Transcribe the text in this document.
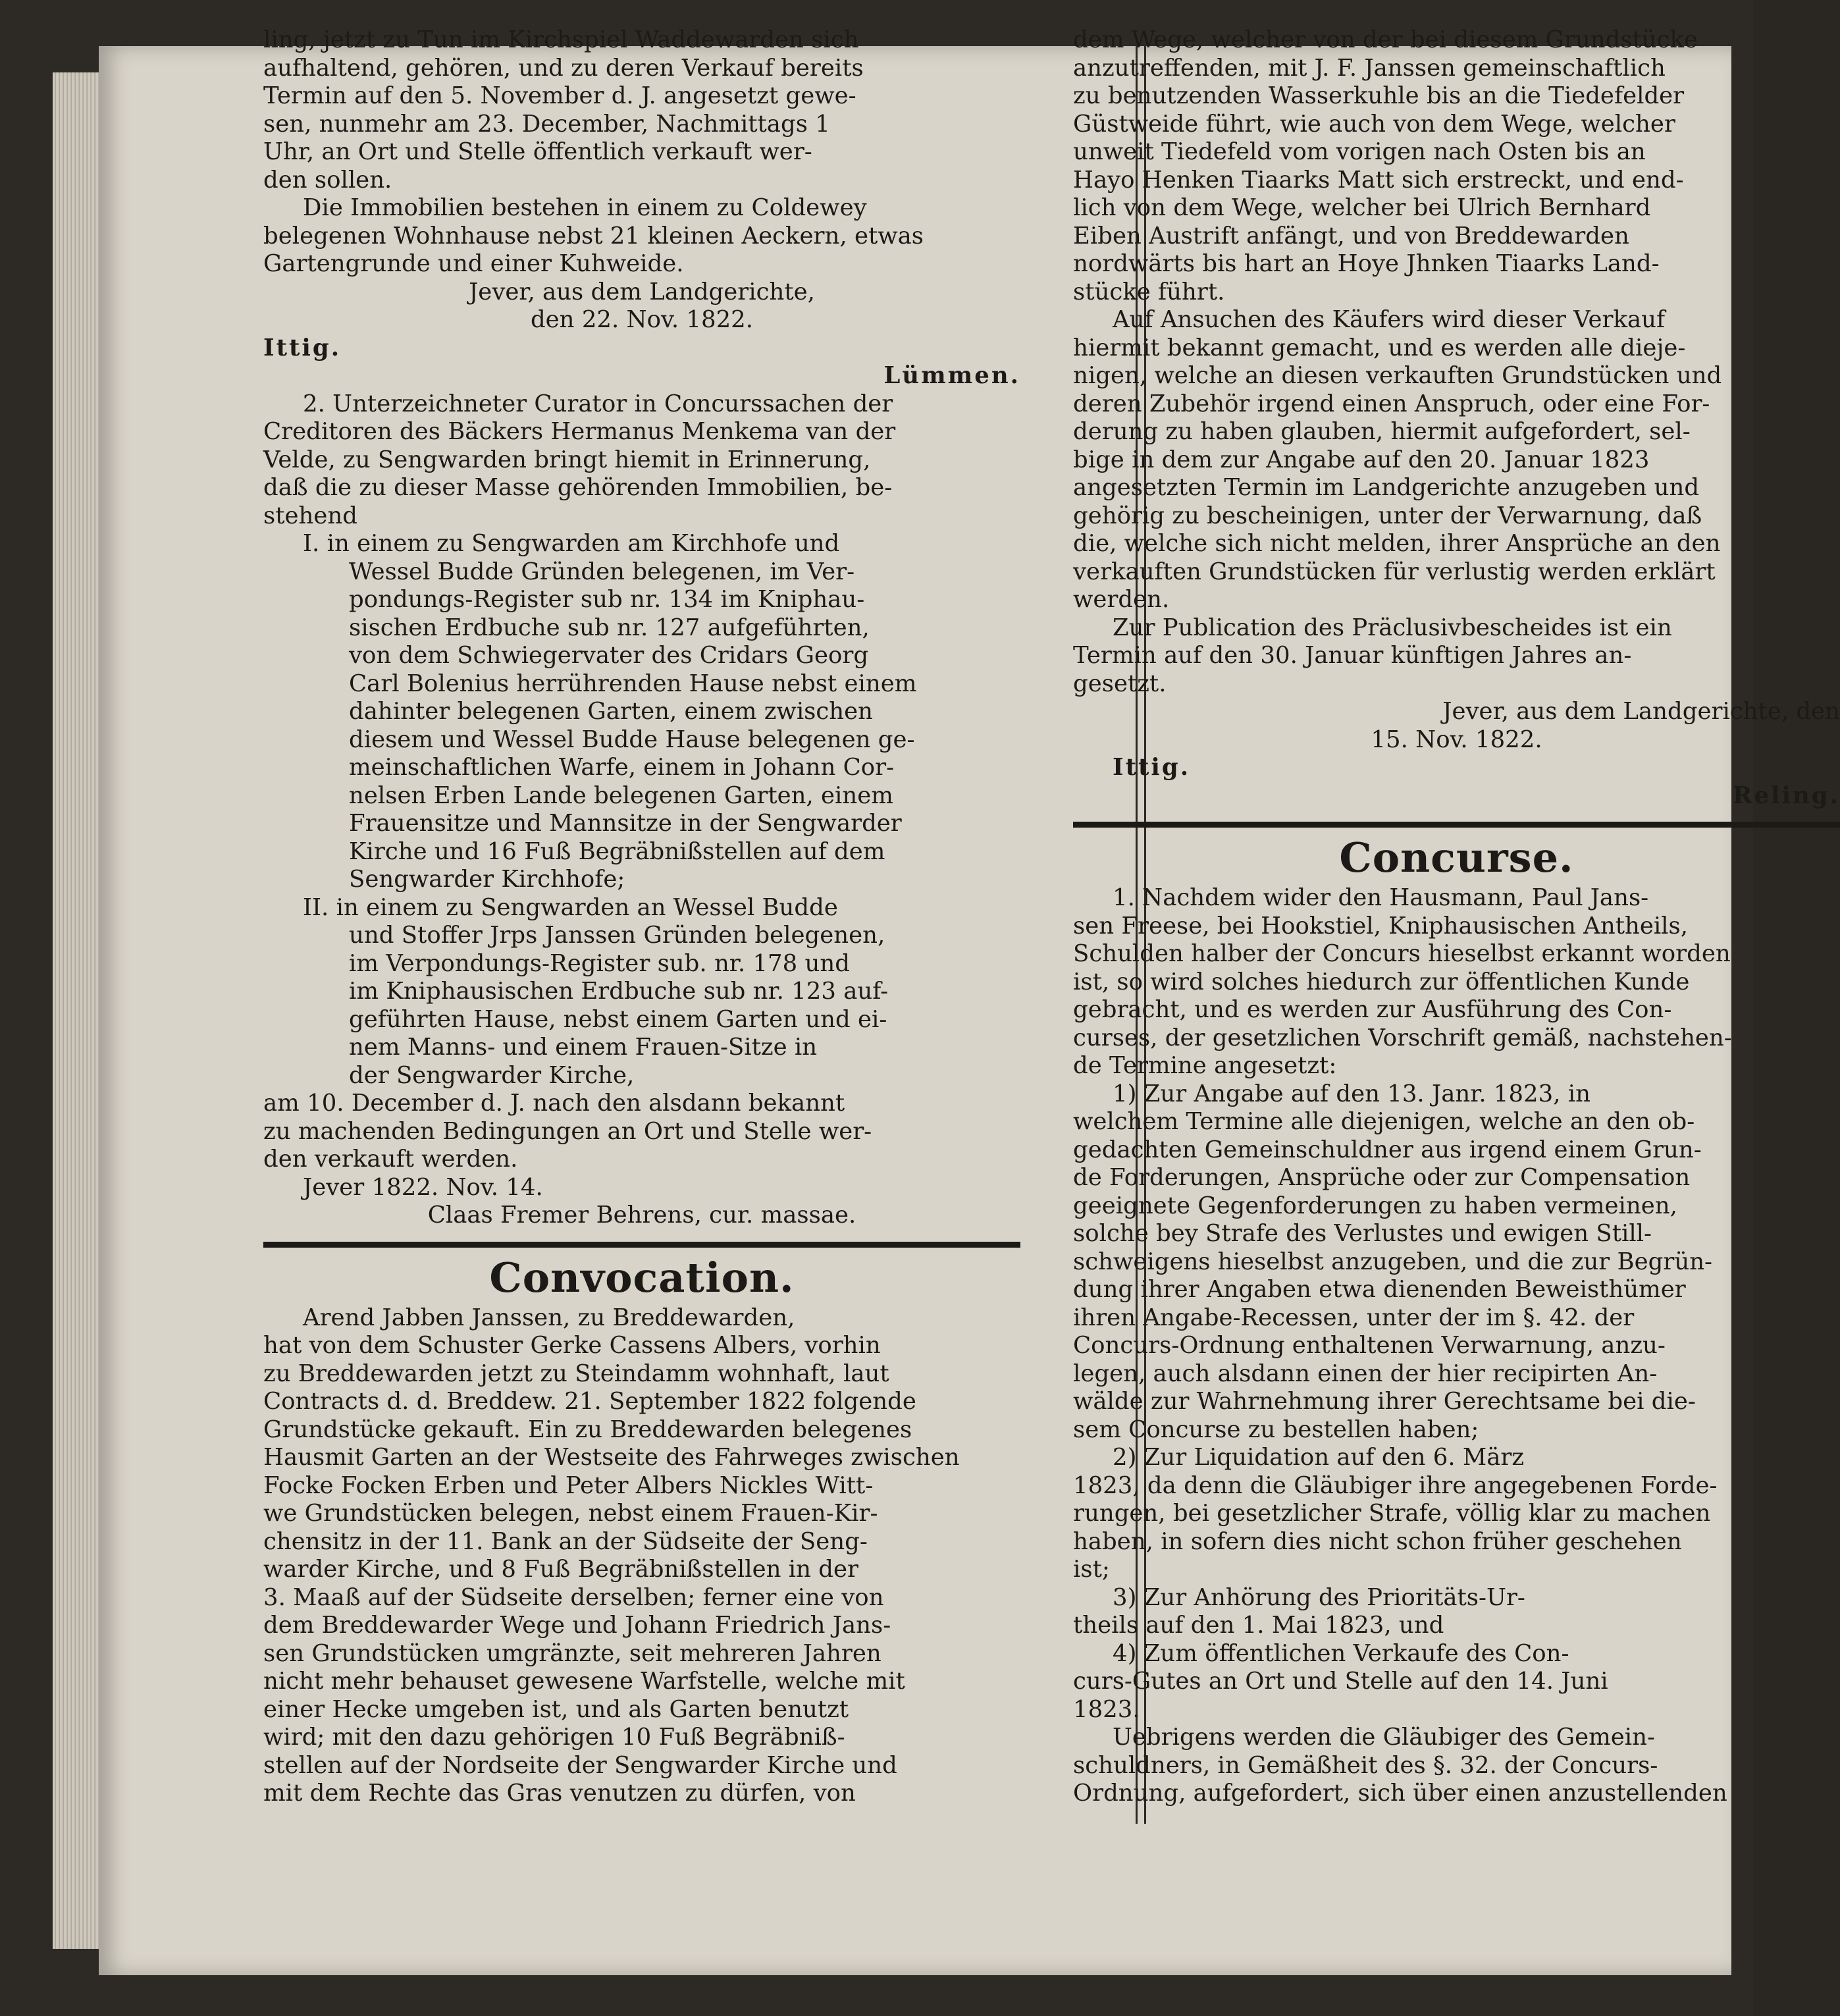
ling, jetzt zu Tun im Kirchspiel Waddewarden sich
aufhaltend, gehören, und zu deren Verkauf bereits
Termin auf den 5. November d. J. angesetzt gewe-
sen, nunmehr am 23. December, Nachmittags 1
Uhr, an Ort und Stelle öffentlich verkauft wer-
den sollen.
Die Immobilien bestehen in einem zu Coldewey
belegenen Wohnhause nebst 21 kleinen Aeckern, etwas
Gartengrunde und einer Kuhweide.
Jever, aus dem Landgerichte,
den 22. Nov. 1822.
Ittig.
Lümmen.
2. Unterzeichneter Curator in Concurssachen der
Creditoren des Bäckers Hermanus Menkema van der
Velde, zu Sengwarden bringt hiemit in Erinnerung,
daß die zu dieser Masse gehörenden Immobilien, be-
stehend
I. in einem zu Sengwarden am Kirchhofe und
Wessel Budde Gründen belegenen, im Ver-
pondungs-Register sub nr. 134 im Kniphau-
sischen Erdbuche sub nr. 127 aufgeführten,
von dem Schwiegervater des Cridars Georg
Carl Bolenius herrührenden Hause nebst einem
dahinter belegenen Garten, einem zwischen
diesem und Wessel Budde Hause belegenen ge-
meinschaftlichen Warfe, einem in Johann Cor-
nelsen Erben Lande belegenen Garten, einem
Frauensitze und Mannsitze in der Sengwarder
Kirche und 16 Fuß Begräbnißstellen auf dem
Sengwarder Kirchhofe;
II. in einem zu Sengwarden an Wessel Budde
und Stoffer Jrps Janssen Gründen belegenen,
im Verpondungs-Register sub. nr. 178 und
im Kniphausischen Erdbuche sub nr. 123 auf-
geführten Hause, nebst einem Garten und ei-
nem Manns- und einem Frauen-Sitze in
der Sengwarder Kirche,
am 10. December d. J. nach den alsdann bekannt
zu machenden Bedingungen an Ort und Stelle wer-
den verkauft werden.
Jever 1822. Nov. 14.
Claas Fremer Behrens, cur. massae.
Convocation.
Arend Jabben Janssen, zu Breddewarden,
hat von dem Schuster Gerke Cassens Albers, vorhin
zu Breddewarden jetzt zu Steindamm wohnhaft, laut
Contracts d. d. Breddew. 21. September 1822 folgende
Grundstücke gekauft. Ein zu Breddewarden belegenes
Hausmit Garten an der Westseite des Fahrweges zwischen
Focke Focken Erben und Peter Albers Nickles Witt-
we Grundstücken belegen, nebst einem Frauen-Kir-
chensitz in der 11. Bank an der Südseite der Seng-
warder Kirche, und 8 Fuß Begräbnißstellen in der
3. Maaß auf der Südseite derselben; ferner eine von
dem Breddewarder Wege und Johann Friedrich Jans-
sen Grundstücken umgränzte, seit mehreren Jahren
nicht mehr behauset gewesene Warfstelle, welche mit
einer Hecke umgeben ist, und als Garten benutzt
wird; mit den dazu gehörigen 10 Fuß Begräbniß-
stellen auf der Nordseite der Sengwarder Kirche und
mit dem Rechte das Gras venutzen zu dürfen, von
dem Wege, welcher von der bei diesem Grundstücke
anzutreffenden, mit J. F. Janssen gemeinschaftlich
zu benutzenden Wasserkuhle bis an die Tiedefelder
Güstweide führt, wie auch von dem Wege, welcher
unweit Tiedefeld vom vorigen nach Osten bis an
Hayo Henken Tiaarks Matt sich erstreckt, und end-
lich von dem Wege, welcher bei Ulrich Bernhard
Eiben Austrift anfängt, und von Breddewarden
nordwärts bis hart an Hoye Jhnken Tiaarks Land-
stücke führt.
Auf Ansuchen des Käufers wird dieser Verkauf
hiermit bekannt gemacht, und es werden alle dieje-
nigen, welche an diesen verkauften Grundstücken und
deren Zubehör irgend einen Anspruch, oder eine For-
derung zu haben glauben, hiermit aufgefordert, sel-
bige in dem zur Angabe auf den 20. Januar 1823
angesetzten Termin im Landgerichte anzugeben und
gehörig zu bescheinigen, unter der Verwarnung, daß
die, welche sich nicht melden, ihrer Ansprüche an den
verkauften Grundstücken für verlustig werden erklärt
werden.
Zur Publication des Präclusivbescheides ist ein
Termin auf den 30. Januar künftigen Jahres an-
gesetzt.
Jever, aus dem Landgerichte, den
15. Nov. 1822.
Ittig.
Reling.
Concurse.
1. Nachdem wider den Hausmann, Paul Jans-
sen Freese, bei Hookstiel, Kniphausischen Antheils,
Schulden halber der Concurs hieselbst erkannt worden
ist, so wird solches hiedurch zur öffentlichen Kunde
gebracht, und es werden zur Ausführung des Con-
curses, der gesetzlichen Vorschrift gemäß, nachstehen-
de Termine angesetzt:
1) Zur Angabe auf den 13. Janr. 1823, in
welchem Termine alle diejenigen, welche an den ob-
gedachten Gemeinschuldner aus irgend einem Grun-
de Forderungen, Ansprüche oder zur Compensation
geeignete Gegenforderungen zu haben vermeinen,
solche bey Strafe des Verlustes und ewigen Still-
schweigens hieselbst anzugeben, und die zur Begrün-
dung ihrer Angaben etwa dienenden Beweisthümer
ihren Angabe-Recessen, unter der im §. 42. der
Concurs-Ordnung enthaltenen Verwarnung, anzu-
legen, auch alsdann einen der hier recipirten An-
wälde zur Wahrnehmung ihrer Gerechtsame bei die-
sem Concurse zu bestellen haben;
2) Zur Liquidation auf den 6. März
1823, da denn die Gläubiger ihre angegebenen Forde-
rungen, bei gesetzlicher Strafe, völlig klar zu machen
haben, in sofern dies nicht schon früher geschehen
ist;
3) Zur Anhörung des Prioritäts-Ur-
theils auf den 1. Mai 1823, und
4) Zum öffentlichen Verkaufe des Con-
curs-Gutes an Ort und Stelle auf den 14. Juni
1823.
Uebrigens werden die Gläubiger des Gemein-
schuldners, in Gemäßheit des §. 32. der Concurs-
Ordnung, aufgefordert, sich über einen anzustellenden
